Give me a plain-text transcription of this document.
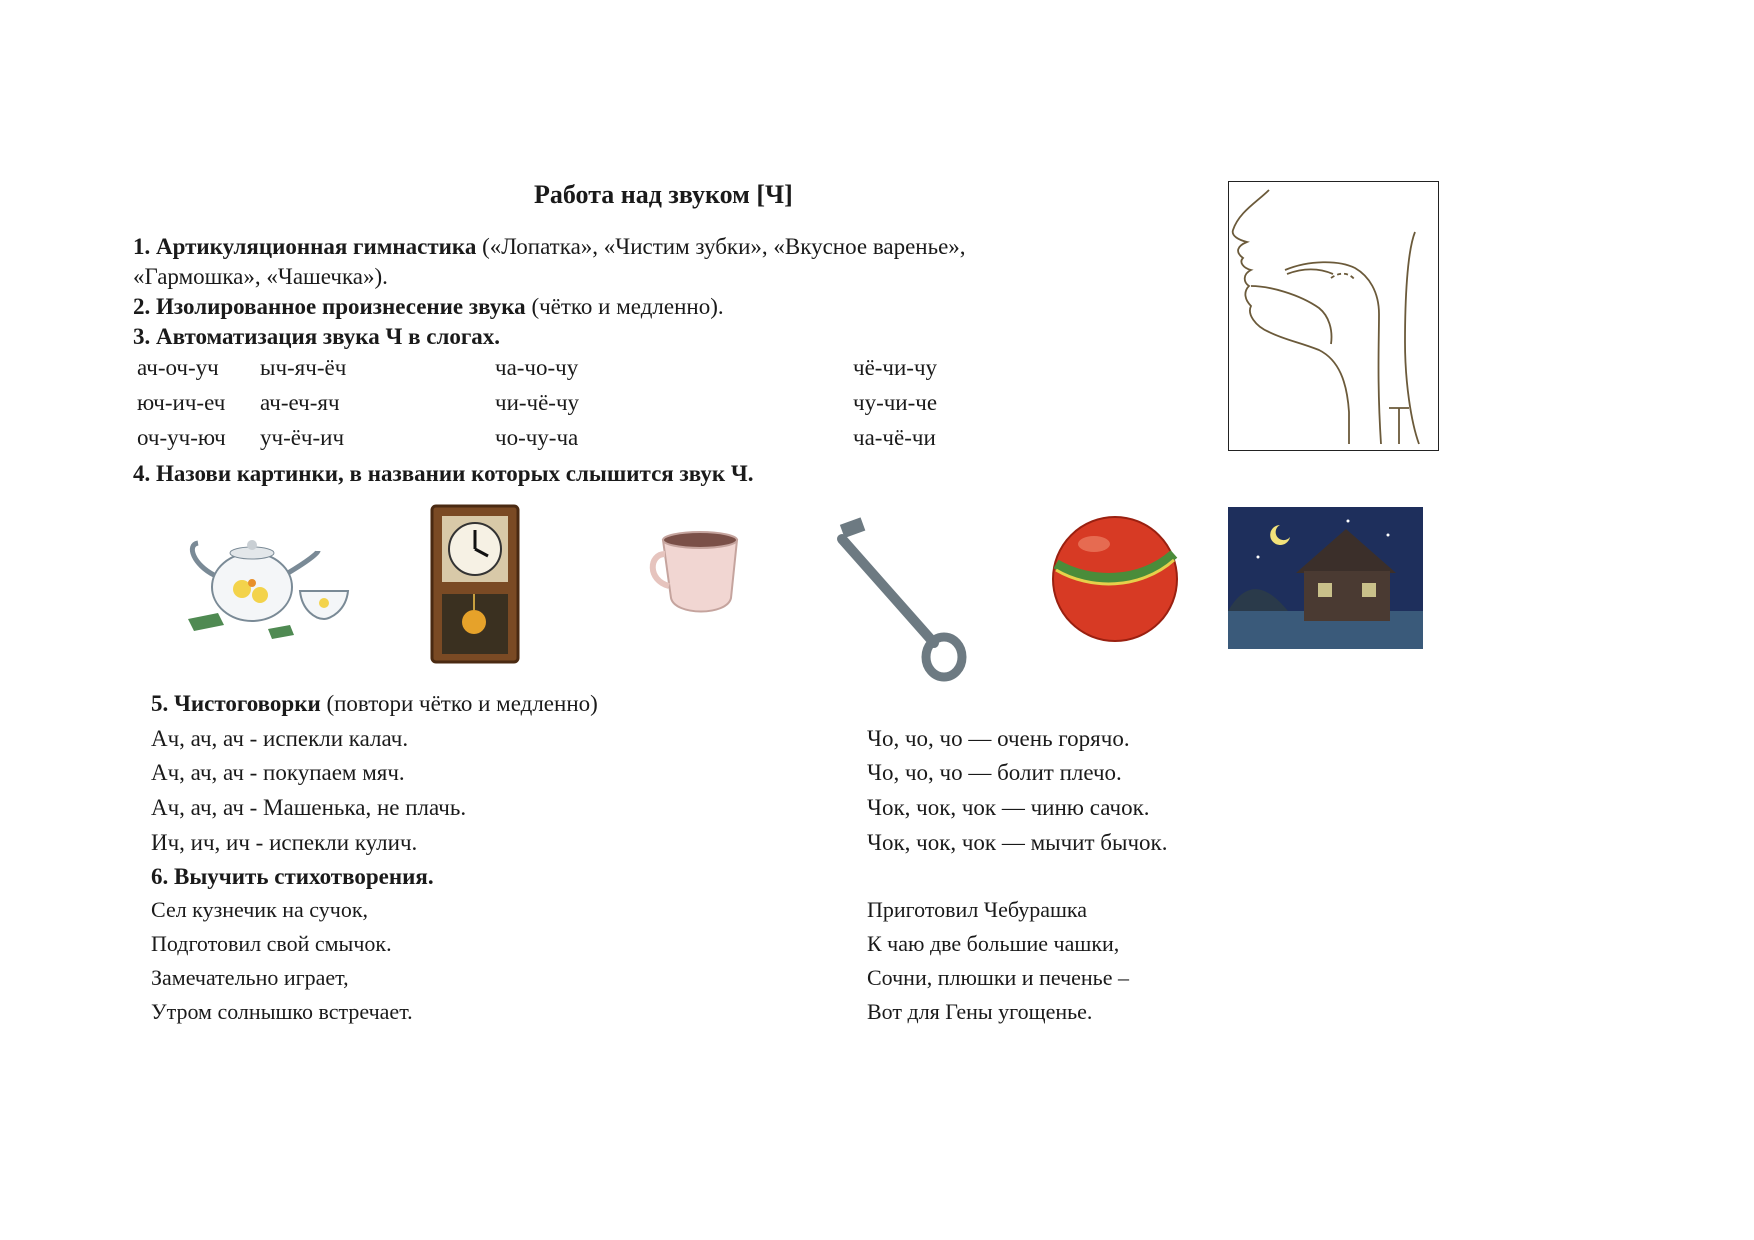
Работа над звуком [Ч]
1. Артикуляционная гимнастика («Лопатка», «Чистим зубки», «Вкусное варенье»,
«Гармошка», «Чашечка»).
2. Изолированное произнесение звука (чётко и медленно).
3. Автоматизация звука Ч в слогах.
ач-оч-уч
юч-ич-еч
оч-уч-юч
ыч-яч-ёч
ач-еч-яч
уч-ёч-ич
ча-чо-чу
чи-чё-чу
чо-чу-ча
чё-чи-чу
чу-чи-че
ча-чё-чи
4. Назови картинки, в названии которых слышится звук Ч.
5. Чистоговорки (повтори чётко и медленно)
Ач, ач, ач - испекли калач.
Ач, ач, ач - покупаем мяч.
Ач, ач, ач - Машенька, не плачь.
Ич, ич, ич - испекли кулич.
Чо, чо, чо — очень горячо.
Чо, чо, чо — болит плечо.
Чок, чок, чок — чиню сачок.
Чок, чок, чок — мычит бычок.
6. Выучить стихотворения.
Сел кузнечик на сучок,
Подготовил свой смычок.
Замечательно играет,
Утром солнышко встречает.
Приготовил Чебурашка
К чаю две большие чашки,
Сочни, плюшки и печенье –
Вот для Гены угощенье.
